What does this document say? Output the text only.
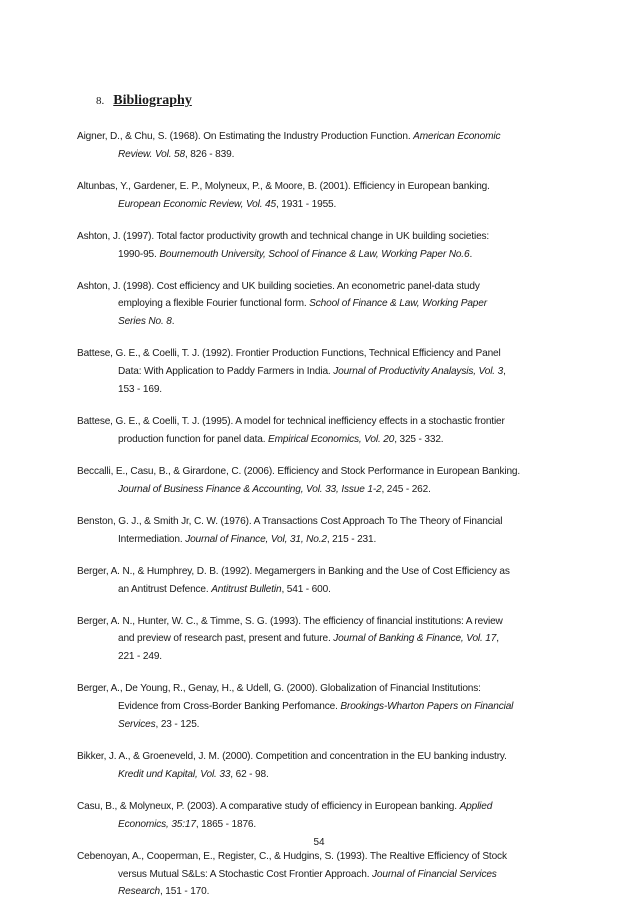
8. Bibliography

Aigner, D., & Chu, S. (1968). On Estimating the Industry Production Function. American Economic
Review. Vol. 58, 826 - 839.

Altunbas, Y., Gardener, E. P., Molyneux, P., & Moore, B. (2001). Efficiency in European banking.
European Economic Review, Vol. 45, 1931 - 1955.

Ashton, J. (1997). Total factor productivity growth and technical change in UK building societies:
1990-95. Bournemouth University, School of Finance & Law, Working Paper No.6.

Ashton, J. (1998). Cost efficiency and UK building societies. An econometric panel-data study
employing a flexible Fourier functional form. School of Finance & Law, Working Paper
Series No. 8.

Battese, G. E., & Coelli, T. J. (1992). Frontier Production Functions, Technical Efficiency and Panel
Data: With Application to Paddy Farmers in India. Journal of Productivity Analaysis, Vol. 3,
153 - 169.

Battese, G. E., & Coelli, T. J. (1995). A model for technical inefficiency effects in a stochastic frontier
production function for panel data. Empirical Economics, Vol. 20, 325 - 332.

Beccalli, E., Casu, B., & Girardone, C. (2006). Efficiency and Stock Performance in European Banking.
Journal of Business Finance & Accounting, Vol. 33, Issue 1-2, 245 - 262.

Benston, G. J., & Smith Jr, C. W. (1976). A Transactions Cost Approach To The Theory of Financial
Intermediation. Journal of Finance, Vol, 31, No.2, 215 - 231.

Berger, A. N., & Humphrey, D. B. (1992). Megamergers in Banking and the Use of Cost Efficiency as
an Antitrust Defence. Antitrust Bulletin, 541 - 600.

Berger, A. N., Hunter, W. C., & Timme, S. G. (1993). The efficiency of financial institutions: A review
and preview of research past, present and future. Journal of Banking & Finance, Vol. 17,
221 - 249.

Berger, A., De Young, R., Genay, H., & Udell, G. (2000). Globalization of Financial Institutions:
Evidence from Cross-Border Banking Perfomance. Brookings-Wharton Papers on Financial
Services, 23 - 125.

Bikker, J. A., & Groeneveld, J. M. (2000). Competition and concentration in the EU banking industry.
Kredit und Kapital, Vol. 33, 62 - 98.

Casu, B., & Molyneux, P. (2003). A comparative study of efficiency in European banking. Applied
Economics, 35:17, 1865 - 1876.

Cebenoyan, A., Cooperman, E., Register, C., & Hudgins, S. (1993). The Realtive Efficiency of Stock
versus Mutual S&Ls: A Stochastic Cost Frontier Approach. Journal of Financial Services
Research, 151 - 170.

54
